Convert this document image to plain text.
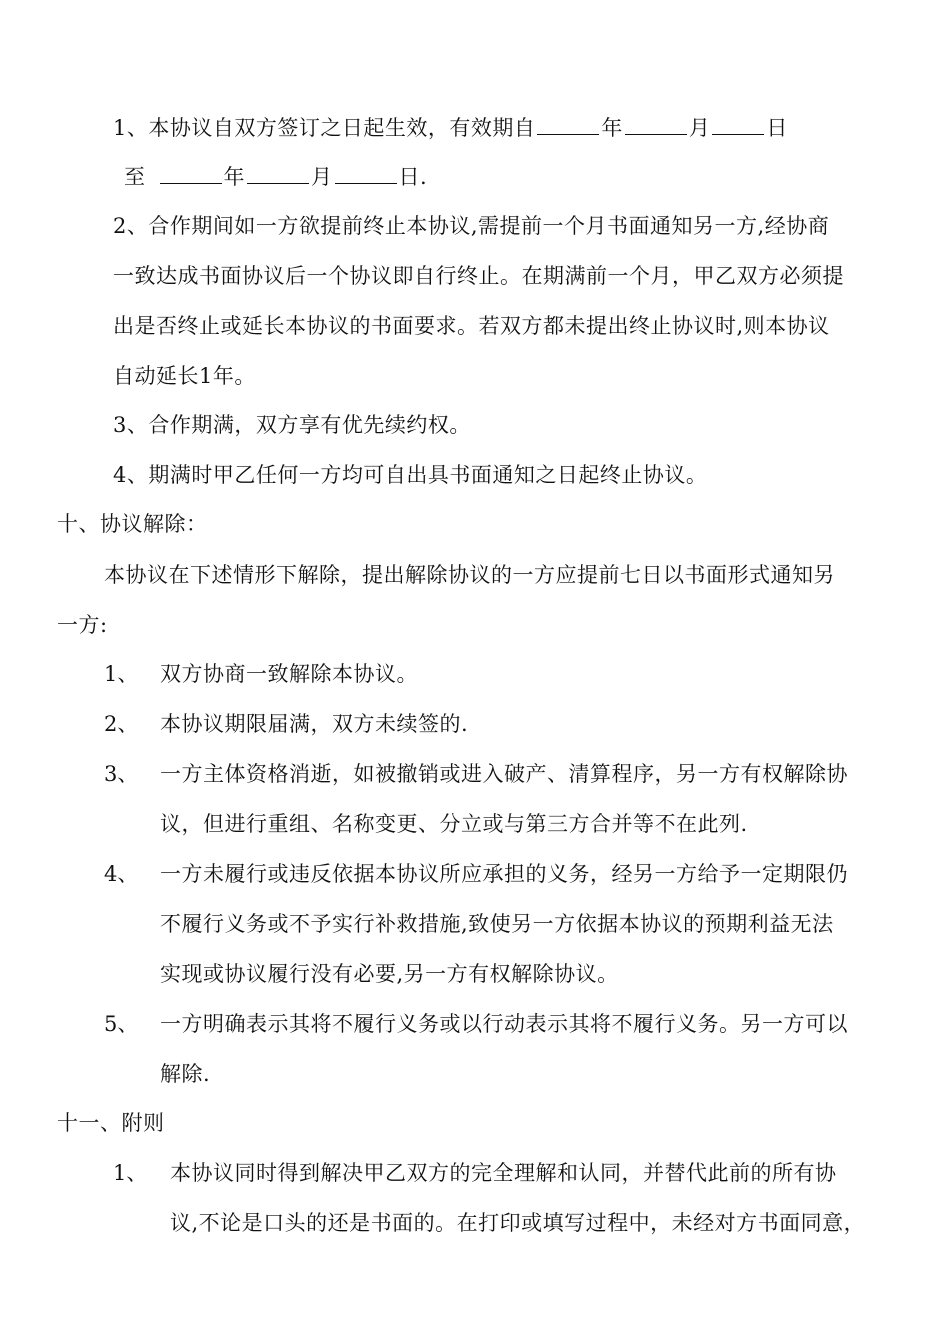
1、本协议自双方签订之日起生效，有效期自	年	月	日
至	年	月	日.
2、合作期间如一方欲提前终止本协议,需提前一个月书面通知另一方,经协商
一致达成书面协议后一个协议即自行终止。在期满前一个月，甲乙双方必须提
出是否终止或延长本协议的书面要求。若双方都未提出终止协议时,则本协议
自动延长1年。
3、合作期满，双方享有优先续约权。
4、期满时甲乙任何一方均可自出具书面通知之日起终止协议。
十、协议解除：
本协议在下述情形下解除，提出解除协议的一方应提前七日以书面形式通知另
一方:
1、 双方协商一致解除本协议。
2、 本协议期限届满，双方未续签的.
3、 一方主体资格消逝，如被撤销或进入破产、清算程序，另一方有权解除协
议，但进行重组、名称变更、分立或与第三方合并等不在此列.
4、 一方未履行或违反依据本协议所应承担的义务，经另一方给予一定期限仍
不履行义务或不予实行补救措施,致使另一方依据本协议的预期利益无法
实现或协议履行没有必要,另一方有权解除协议。
5、 一方明确表示其将不履行义务或以行动表示其将不履行义务。另一方可以
解除.
十一、附则
1、 本协议同时得到解决甲乙双方的完全理解和认同，并替代此前的所有协
议,不论是口头的还是书面的。在打印或填写过程中，未经对方书面同意，
